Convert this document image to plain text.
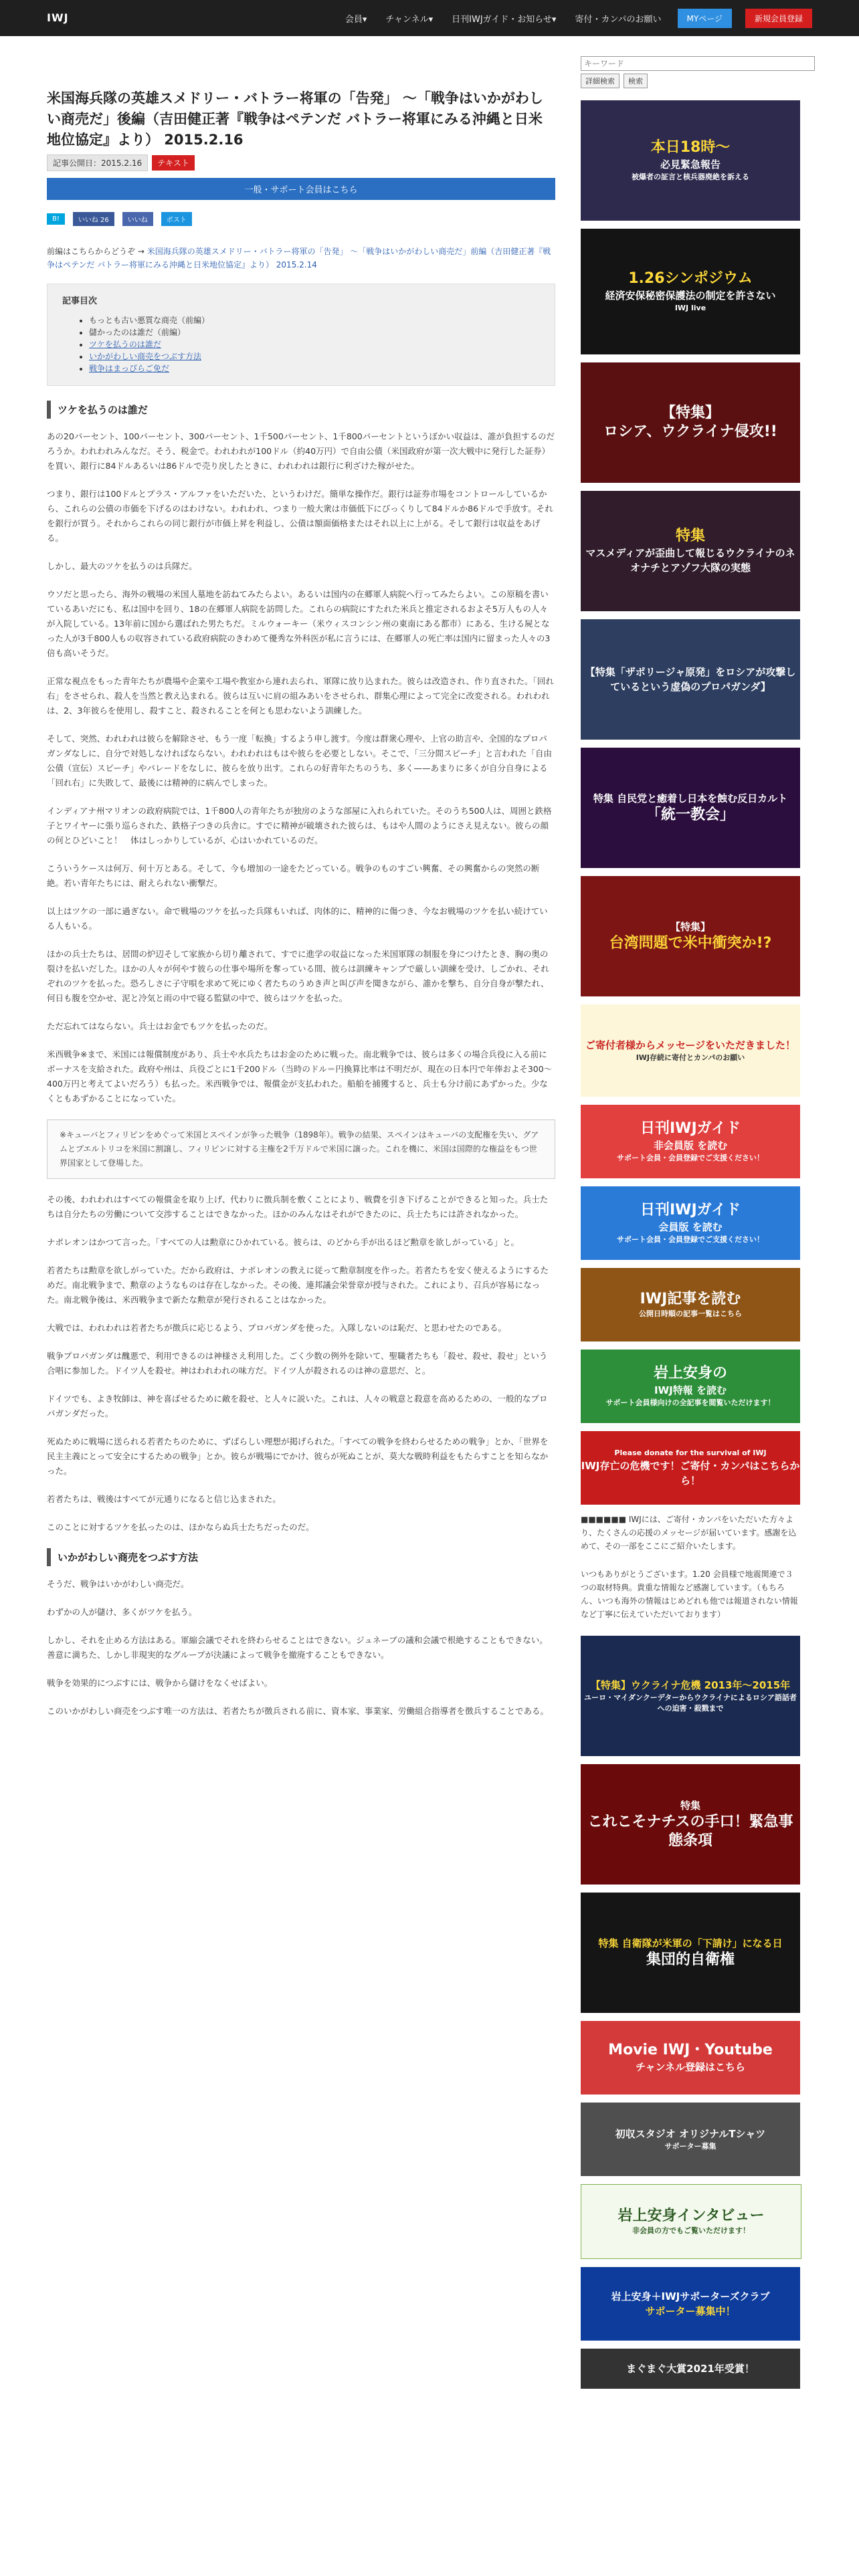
IWJ	会員▾	チャンネル▾	日刊IWJガイド・お知らせ▾	寄付・カンパのお願い	MYページ	新規会員登録
米国海兵隊の英雄スメドリー・バトラー将軍の「告発」 〜「戦争はいかがわしい商売だ」後編（吉田健正著『戦争はペテンだ バトラー将軍にみる沖縄と日米地位協定』より） 2015.2.16
記事公開日：2015.2.16	テキスト
一般・サポート会員はこちら
B!	いいね 26	いいね	ポスト
前編はこちらからどうぞ → 米国海兵隊の英雄スメドリー・バトラー将軍の「告発」 〜「戦争はいかがわしい商売だ」前編（吉田健正著『戦争はペテンだ バトラー将軍にみる沖縄と日米地位協定』より） 2015.2.14
記事目次
• もっとも古い悪質な商売（前編）
• 儲かったのは誰だ（前編）
• ツケを払うのは誰だ
• いかがわしい商売をつぶす方法
• 戦争はまっぴらご免だ
ツケを払うのは誰だ

あの20パーセント、100パーセント、300パーセント、1千500パーセント、1千800パーセントというぼかい収益は、誰が負担するのだろうか。われわれみんなだ。そう、税金で。われわれが100ドル（約40万円）で自由公債（米国政府が第一次大戦中に発行した証券）を買い、銀行に84ドルあるいは86ドルで売り戻したときに、われわれは銀行に利ざけた稼がせた。

つまり、銀行は100ドルとプラス・アルファをいただいた、というわけだ。簡単な操作だ。銀行は証券市場をコントロールしているから、これらの公債の市価を下げるのはわけない。われわれ、つまり一般大衆は市価低下にびっくりして84ドルか86ドルで手放す。それを銀行が買う。それからこれらの同じ銀行が市価上昇を利益し、公債は額面価格またはそれ以上に上がる。そして銀行は収益をあげる。

しかし、最大のツケを払うのは兵隊だ。

ウソだと思ったら、海外の戦場の米国人墓地を訪ねてみたらよい。あるいは国内の在郷軍人病院へ行ってみたらよい。この原稿を書いているあいだにも、私は国中を回り、18の在郷軍人病院を訪問した。これらの病院にすたれた米兵と推定されるおよそ5万人もの人々が入院している。13年前に国から選ばれた男たちだ。ミルウォーキー（米ウィスコンシン州の東南にある都市）にある、生ける屍となった人が3千800人もの収容されている政府病院のきわめて優秀な外科医が私に言うには、在郷軍人の死亡率は国内に留まった人々の3倍も高いそうだ。

正常な視点をもった青年たちが農場や企業や工場や教室から連れ去られ、軍隊に放り込まれた。彼らは改造され、作り直された。「回れ右」をさせられ、殺人を当然と教え込まれる。彼らは互いに肩の組みあいをさせられ、群集心理によって完全に改変される。われわれは、2、3年彼らを使用し、殺すこと、殺されることを何とも思わないよう訓練した。

そして、突然、われわれは彼らを解除させ、もう一度「転換」するよう申し渡す。今度は群衆心理や、上官の助言や、全国的なプロパガンダなしに、自分で対処しなければならない。われわれはもはや彼らを必要としない。そこで、「三分間スピーチ」と言われた「自由公債（宣伝）スピーチ」やパレードをなしに、彼らを放り出す。これらの好青年たちのうち、多く——あまりに多くが自分自身による「回れ右」に失敗して、最後には精神的に病んでしまった。

インディアナ州マリオンの政府病院では、1千800人の青年たちが独房のような部屋に入れられていた。そのうち500人は、周囲と鉄格子とワイヤーに張り巡らされた、鉄格子つきの兵舎に。すでに精神が破壊された彼らは、もはや人間のようにさえ見えない。彼らの顔の何とひどいこと！　体はしっかりしているが、心はいかれているのだ。

こういうケースは何万、何十万とある。そして、今も増加の一途をたどっている。戦争のものすごい興奮、その興奮からの突然の断絶。若い青年たちには、耐えられない衝撃だ。

以上はツケの一部に過ぎない。命で戦場のツケを払った兵隊もいれば、肉体的に、精神的に傷つき、今なお戦場のツケを払い続けている人もいる。

ほかの兵士たちは、居間の炉辺そして家族から切り離されて、すでに進学の収益になった米国軍隊の制服を身につけたとき、胸の奥の裂けを払いだした。ほかの人々が何やす彼らの仕事や場所を奪っている間、彼らは訓練キャンプで厳しい訓練を受け、しごかれ、それぞれのツケを払った。恐ろしさに子守唄を求めて死にゆく者たちのうめき声と叫び声を聞きながら、誰かを撃ち、自分自身が撃たれ、何日も腹を空かせ、泥と冷気と雨の中で寝る監獄の中で、彼らはツケを払った。

ただ忘れてはならない。兵士はお金でもツケを払ったのだ。

米西戦争※まで、米国には報償制度があり、兵士や水兵たちはお金のために戦った。南北戦争では、彼らは多くの場合兵役に入る前にボーナスを支給された。政府や州は、兵役ごとに1千200ドル（当時のドル＝円換算比率は不明だが、現在の日本円で年俸およそ300〜400万円と考えてよいだろう）も払った。米西戦争では、報償金が支払われた。船舶を捕獲すると、兵士も分け前にあずかった。少なくともあずかることになっていた。

※キューバとフィリピンをめぐって米国とスペインが争った戦争（1898年）。戦争の結果、スペインはキューバの支配権を失い、グアムとプエルトリコを米国に割譲し、フィリピンに対する主権を2千万ドルで米国に譲った。これを機に、米国は国際的な権益をもつ世界国家として登場した。

その後、われわれはすべての報償金を取り上げ、代わりに徴兵制を敷くことにより、戦費を引き下げることができると知った。兵士たちは自分たちの労働について交渉することはできなかった。ほかのみんなはそれができたのに、兵士たちには許されなかった。

ナポレオンはかつて言った。「すべての人は勲章にひかれている。彼らは、のどから手が出るほど勲章を欲しがっている」と。

若者たちは勲章を欲しがっていた。だから政府は、ナポレオンの教えに従って勲章制度を作った。若者たちを安く使えるようにするためだ。南北戦争まで、勲章のようなものは存在しなかった。その後、連邦議会栄誉章が授与された。これにより、召兵が容易になった。南北戦争後は、米西戦争まで新たな勲章が発行されることはなかった。

大戦では、われわれは若者たちが徴兵に応じるよう、プロパガンダを使った。入隊しないのは恥だ、と思わせたのである。

戦争プロパガンダは醜悪で、利用できるのは神様さえ利用した。ごく少数の例外を除いて、聖職者たちも「殺せ、殺せ、殺せ」という合唱に参加した。ドイツ人を殺せ。神はわれわれの味方だ。ドイツ人が殺されるのは神の意思だ、と。

ドイツでも、よき牧師は、神を喜ばせるために敵を殺せ、と人々に説いた。これは、人々の戦意と殺意を高めるための、一般的なプロパガンダだった。

死ぬために戦場に送られる若者たちのために、ずばらしい理想が掲げられた。「すべての戦争を終わらせるための戦争」とか、「世界を民主主義にとって安全にするための戦争」とか。彼らが戦場にでかけ、彼らが死ぬことが、莫大な戦時利益をもたらすことを知らなかった。

若者たちは、戦後はすべてが元通りになると信じ込まされた。

このことに対するツケを払ったのは、ほかならぬ兵士たちだったのだ。

いかがわしい商売をつぶす方法

そうだ、戦争はいかがわしい商売だ。

わずかの人が儲け、多くがツケを払う。

しかし、それを止める方法はある。軍縮会議でそれを終わらせることはできない。ジュネーブの議和会議で根絶することもできない。善意に満ちた、しかし非現実的なグループが決議によって戦争を撤廃することもできない。

戦争を効果的につぶすには、戦争から儲けをなくせばよい。

このいかがわしい商売をつぶす唯一の方法は、若者たちが徴兵される前に、資本家、事業家、労働組合指導者を徴兵することである。

キーワード
詳細検索	検索
本日18時〜
必見緊急報告
被爆者の証言と核兵器廃絶を訴える
1.26シンポジウム
経済安保秘密保護法の制定を許さない
IWJ live
【特集】
ロシア、ウクライナ侵攻!!
特集
マスメディアが歪曲して報じるウクライナのネオナチとアゾフ大隊の実態
【特集「ザポリージャ原発」をロシアが攻撃しているという虚偽のプロパガンダ】
特集 自民党と癒着し日本を蝕む反日カルト
「統一教会」
【特集】
台湾問題で米中衝突か!?
ご寄付者様からメッセージをいただきました！
IWJ存続に寄付とカンパのお願い
日刊IWJガイド
非会員版 を読む
サポート会員・会員登録でご支援ください！
日刊IWJガイド
会員版 を読む
サポート会員・会員登録でご支援ください！
IWJ記事を読む
公開日時順の記事一覧はこちら
岩上安身の
IWJ特報 を読む
サポート会員様向けの全記事を閲覧いただけます！
Please donate for the survival of IWJ
IWJ存亡の危機です！ご寄付・カンパはこちらから！
■■■■■■ IWJには、ご寄付・カンパをいただいた方々より、たくさんの応援のメッセージが届いています。感謝を込めて、その一部をここにご紹介いたします。
いつもありがとうございます。1.20 会員様で地震関連で３つの取材特典。貴重な情報など感謝しています。（もちろん、いつも海外の情報はじめどれも他では報道されない情報など丁寧に伝えていただいております）
【特集】ウクライナ危機 2013年〜2015年
ユーロ・マイダンクーデターからウクライナによるロシア語話者への迫害・殺戮まで
特集
これこそナチスの手口！緊急事態条項
特集 自衛隊が米軍の「下請け」になる日
集団的自衛権
Movie IWJ・Youtube
チャンネル登録はこちら
初収スタジオ オリジナルTシャツ
サポーター募集
岩上安身インタビュー
非会員の方でもご覧いただけます！
岩上安身＋IWJサポーターズクラブ
サポーター募集中！
まぐまぐ大賞2021年受賞！
